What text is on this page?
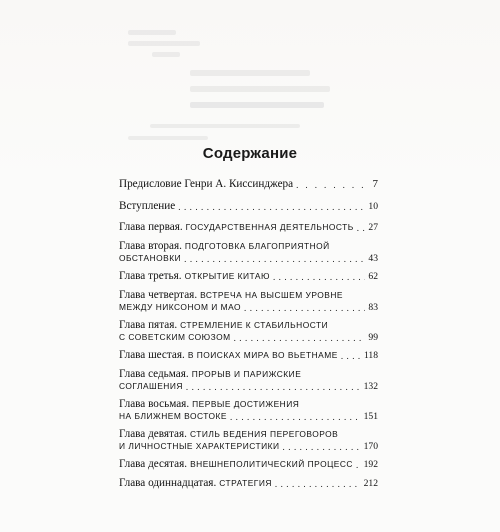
Содержание
Предисловие Генри А. Киссинджера . . .	7
Вступление . . .	10
Глава первая. ГОСУДАРСТВЕННАЯ ДЕЯТЕЛЬНОСТЬ . . . 27
Глава вторая. ПОДГОТОВКА БЛАГОПРИЯТНОЙ
ОБСТАНОВКИ . . .	43
Глава третья. ОТКРЫТИЕ КИТАЮ . . .	62
Глава четвертая. ВСТРЕЧА НА ВЫСШЕМ УРОВНЕ
МЕЖДУ НИКСОНОМ И МАО . . .	83
Глава пятая. СТРЕМЛЕНИЕ К СТАБИЛЬНОСТИ
С СОВЕТСКИМ СОЮЗОМ . . .	99
Глава шестая. В ПОИСКАХ МИРА ВО ВЬЕТНАМЕ . . .	118
Глава седьмая. ПРОРЫВ И ПАРИЖСКИЕ
СОГЛАШЕНИЯ . . .	132
Глава восьмая. ПЕРВЫЕ ДОСТИЖЕНИЯ
НА БЛИЖНЕМ ВОСТОКЕ . . .	151
Глава девятая. СТИЛЬ ВЕДЕНИЯ ПЕРЕГОВОРОВ
И ЛИЧНОСТНЫЕ ХАРАКТЕРИСТИКИ . . .	170
Глава десятая. ВНЕШНЕПОЛИТИЧЕСКИЙ ПРОЦЕСС . . . 192
Глава одиннадцатая. СТРАТЕГИЯ . . .	212
